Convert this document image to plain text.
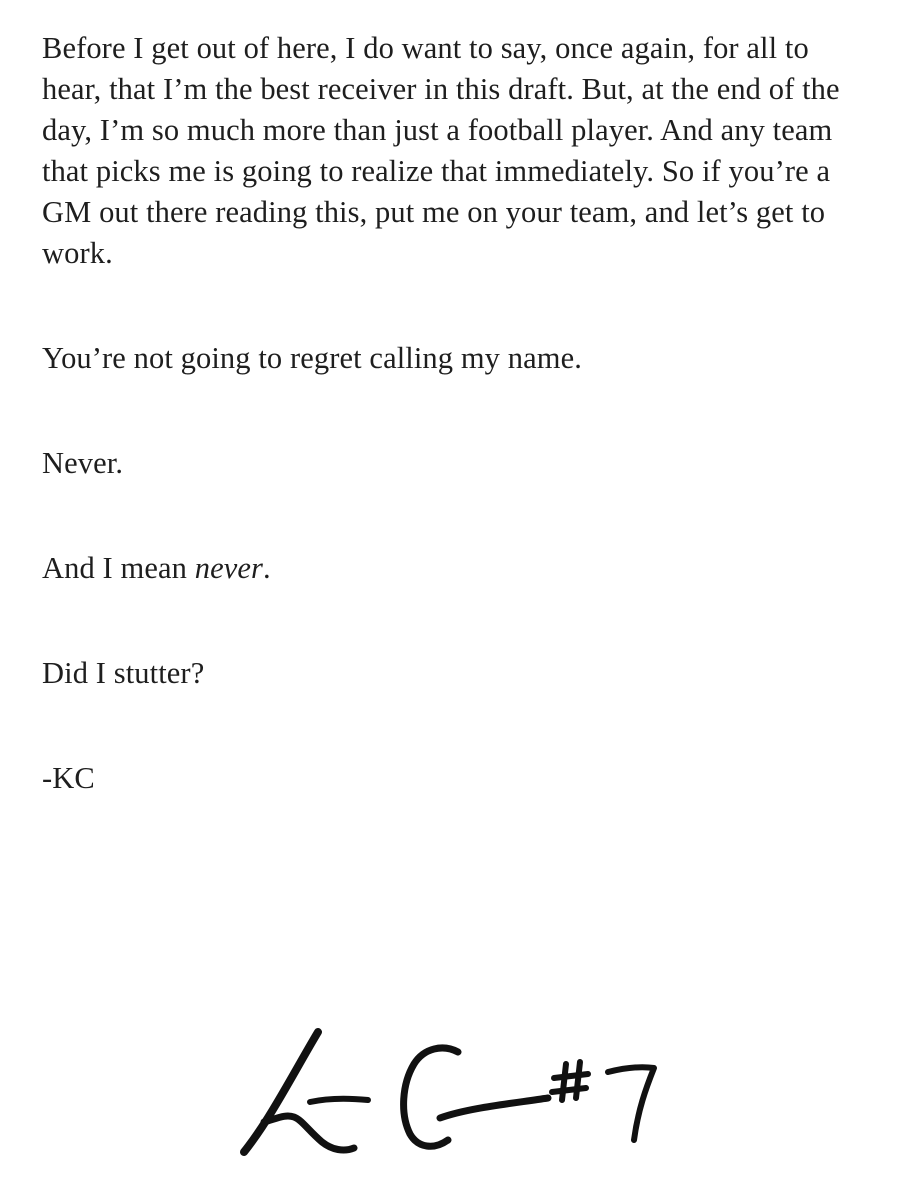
Before I get out of here, I do want to say, once again, for all to hear, that I’m the best receiver in this draft. But, at the end of the day, I’m so much more than just a football player. And any team that picks me is going to realize that immediately. So if you’re a GM out there reading this, put me on your team, and let’s get to work.

You’re not going to regret calling my name.

Never.

And I mean never.

Did I stutter?

-KC
